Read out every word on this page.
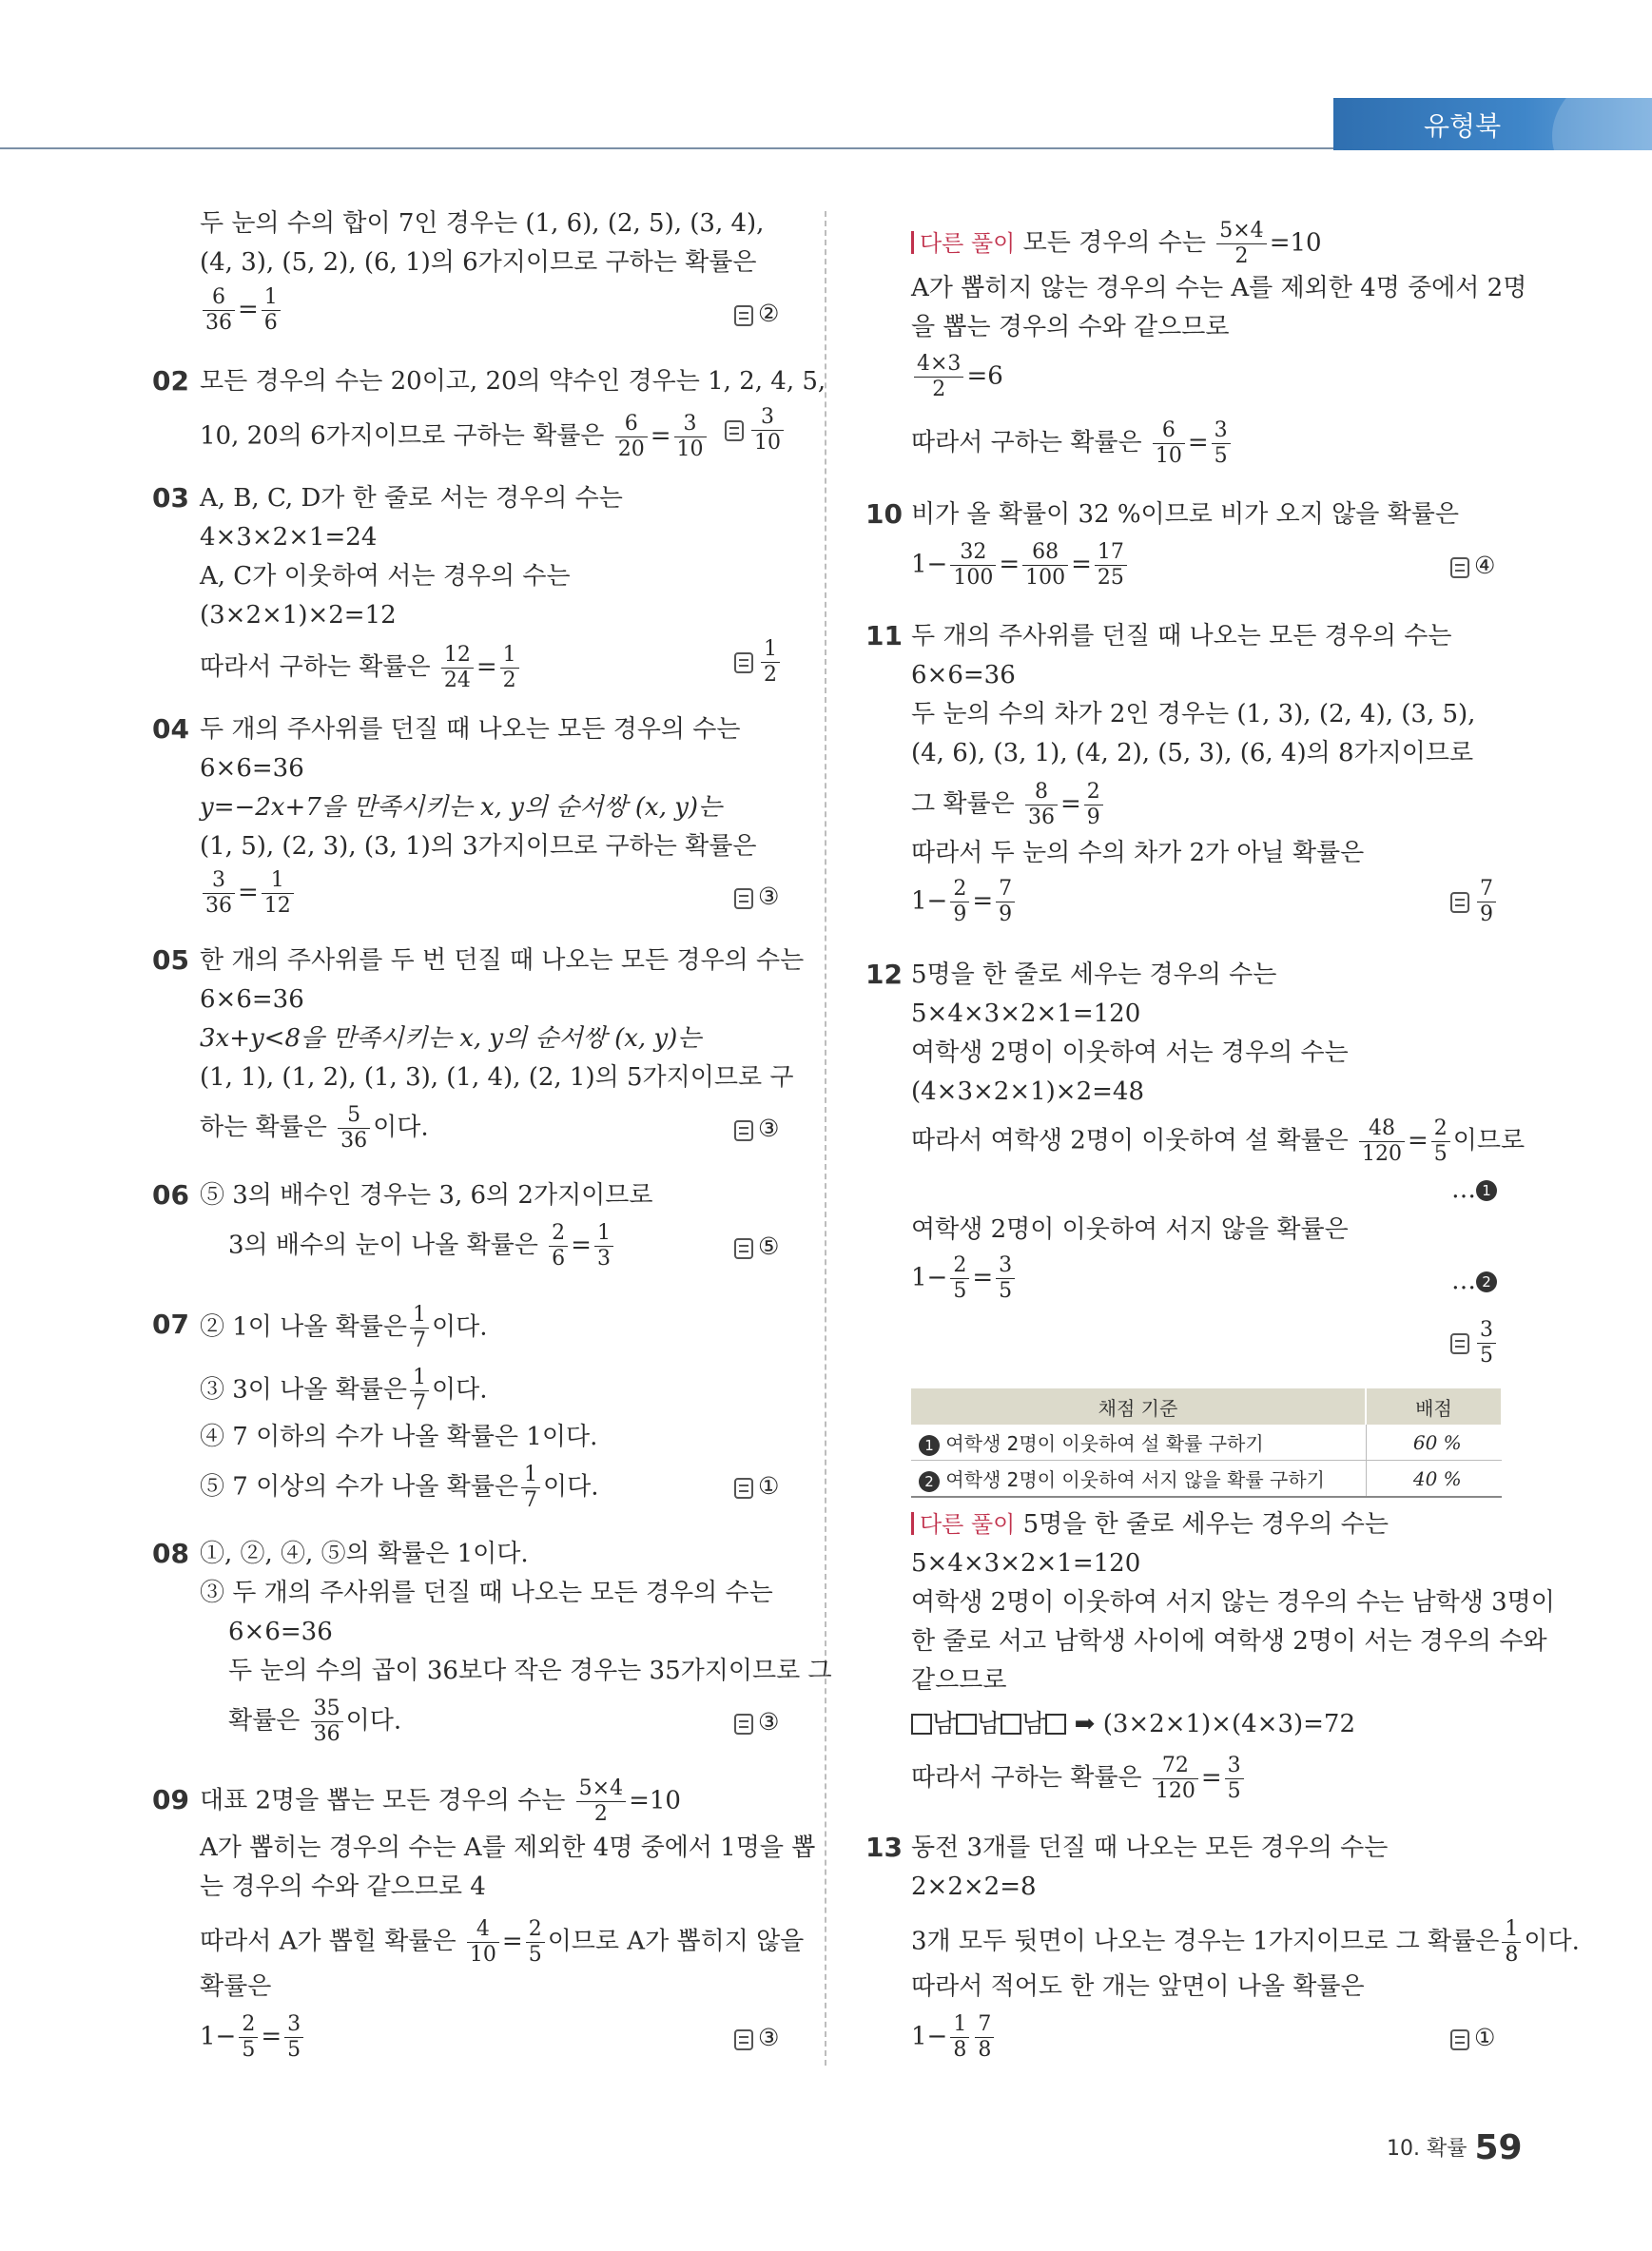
유형북
두 눈의 수의 합이 7인 경우는 (1, 6), (2, 5), (3, 4),
(4, 3), (5, 2), (6, 1)의 6가지이므로 구하는 확률은
$\frac{6}{36} = \frac{1}{6}$	②
02 모든 경우의 수는 20이고, 20의 약수인 경우는 1, 2, 4, 5,
10, 20의 6가지이므로 구하는 확률은 $\frac{6}{20} = \frac{3}{10} \frac{3}{10}$
03 A, B, C, D가 한 줄로 서는 경우의 수는
4×3×2×1=24
A, C가 이웃하여 서는 경우의 수는
(3×2×1)×2=12
따라서 구하는 확률은 $\frac{12}{24} = \frac{1}{2}$	$\frac{1}{2}$
04 두 개의 주사위를 던질 때 나오는 모든 경우의 수는
6×6=36
y=−2x+7을 만족시키는 x, y의 순서쌍 (x, y)는
(1, 5), (2, 3), (3, 1)의 3가지이므로 구하는 확률은
$\frac{3}{36} = \frac{1}{12}$	③
05 한 개의 주사위를 두 번 던질 때 나오는 모든 경우의 수는
6×6=36
3x+y<8을 만족시키는 x, y의 순서쌍 (x, y)는
(1, 1), (1, 2), (1, 3), (1, 4), (2, 1)의 5가지이므로 구
하는 확률은 $\frac{5}{36}$ 이다.	③
06 ⑤ 3의 배수인 경우는 3, 6의 2가지이므로
3의 배수의 눈이 나올 확률은 $\frac{2}{6} = \frac{1}{3}$	⑤
07 ② 1이 나올 확률은 $\frac{1}{7}$ 이다.
③ 3이 나올 확률은 $\frac{1}{7}$ 이다.
④ 7 이하의 수가 나올 확률은 1이다.
⑤ 7 이상의 수가 나올 확률은 $\frac{1}{7}$ 이다.	①
08 ①, ②, ④, ⑤의 확률은 1이다.
③ 두 개의 주사위를 던질 때 나오는 모든 경우의 수는
6×6=36
두 눈의 수의 곱이 36보다 작은 경우는 35가지이므로 그
확률은 $\frac{35}{36}$ 이다.	③
09 대표 2명을 뽑는 모든 경우의 수는 $\frac{5\times 4}{2} =10$
A가 뽑히는 경우의 수는 A를 제외한 4명 중에서 1명을 뽑
는 경우의 수와 같으므로 4
따라서 A가 뽑힐 확률은 $\frac{4}{10} = \frac{2}{5}$ 이므로 A가 뽑히지 않을
확률은
$1- \frac{2}{5} = \frac{3}{5}$	③
다른 풀이 모든 경우의 수는 $\frac{5\times 4}{2} =10$
A가 뽑히지 않는 경우의 수는 A를 제외한 4명 중에서 2명
을 뽑는 경우의 수와 같으므로
$\frac{4\times 3}{2} =6$
따라서 구하는 확률은 $\frac{6}{10} = \frac{3}{5}$
10 비가 올 확률이 32 %이므로 비가 오지 않을 확률은
$1- \frac{32}{100} = \frac{68}{100} = \frac{17}{25}$	④
11 두 개의 주사위를 던질 때 나오는 모든 경우의 수는
6×6=36
두 눈의 수의 차가 2인 경우는 (1, 3), (2, 4), (3, 5),
(4, 6), (3, 1), (4, 2), (5, 3), (6, 4)의 8가지이므로
그 확률은 $\frac{8}{36} = \frac{2}{9}$
따라서 두 눈의 수의 차가 2가 아닐 확률은
$1- \frac{2}{9} = \frac{7}{9}$	$\frac{7}{9}$
12 5명을 한 줄로 세우는 경우의 수는
5×4×3×2×1=120
여학생 2명이 이웃하여 서는 경우의 수는
(4×3×2×1)×2=48
따라서 여학생 2명이 이웃하여 설 확률은 $\frac{48}{120} = \frac{2}{5}$ 이므로
… 1
여학생 2명이 이웃하여 서지 않을 확률은
$1- \frac{2}{5} = \frac{3}{5}$	… 2
$\frac{3}{5}$
채점 기준	배점
1 여학생 2명이 이웃하여 설 확률 구하기	60 %
2 여학생 2명이 이웃하여 서지 않을 확률 구하기	40 %
다른 풀이 5명을 한 줄로 세우는 경우의 수는
5×4×3×2×1=120
여학생 2명이 이웃하여 서지 않는 경우의 수는 남학생 3명이
한 줄로 서고 남학생 사이에 여학생 2명이 서는 경우의 수와
같으므로
남 남 남 ➡ (3×2×1)×(4×3)=72
따라서 구하는 확률은 $\frac{72}{120} = \frac{3}{5}$
13 동전 3개를 던질 때 나오는 모든 경우의 수는
2×2×2=8
3개 모두 뒷면이 나오는 경우는 1가지이므로 그 확률은 $\frac{1}{8}$ 이다.
따라서 적어도 한 개는 앞면이 나올 확률은
$1- \frac{1}{8} \frac{7}{8}$	①
10. 확률 59
